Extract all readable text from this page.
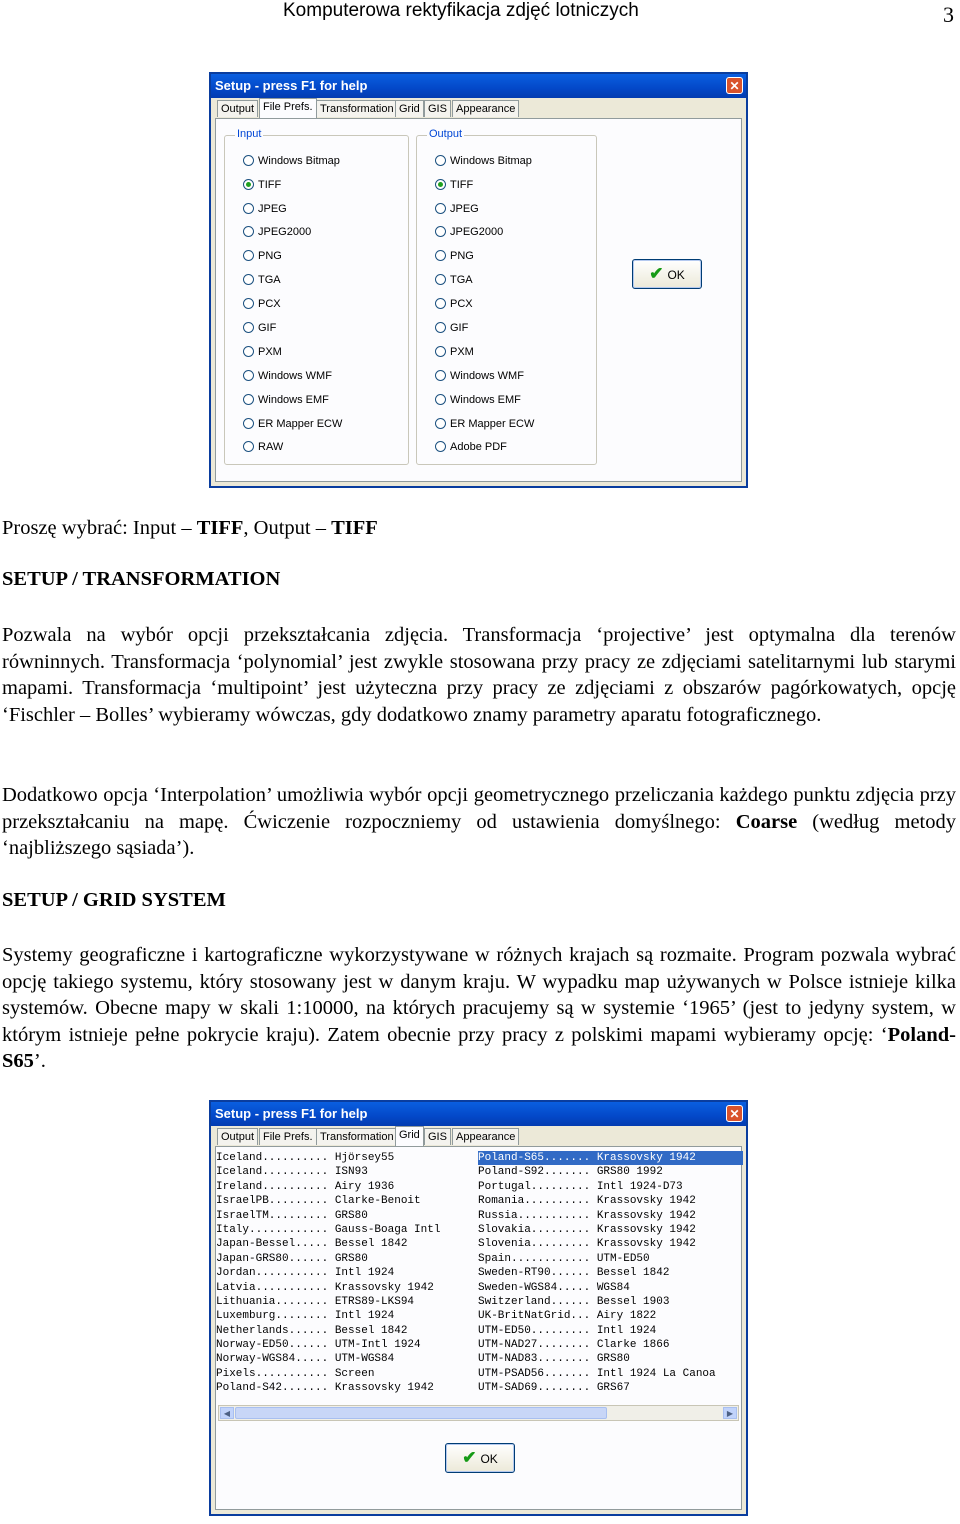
Komputerowa rektyfikacja zdjęć lotniczych	3
Setup - press F1 for help	✕
Output File Prefs. Transformation Grid GIS Appearance
Input
Windows Bitmap
TIFF
JPEG
JPEG2000
PNG
TGA
PCX
GIF
PXM
Windows WMF
Windows EMF
ER Mapper ECW
RAW
Output
Windows Bitmap
TIFF
JPEG
JPEG2000
PNG
TGA
PCX
GIF
PXM
Windows WMF
Windows EMF
ER Mapper ECW
Adobe PDF
✔ OK
Proszę wybrać: Input – TIFF, Output – TIFF
SETUP / TRANSFORMATION
Pozwala na wybór opcji przekształcania zdjęcia. Transformacja ‘projective’ jest optymalna dla terenów równinnych. Transformacja ‘polynomial’ jest zwykle stosowana przy pracy ze zdjęciami satelitarnymi lub starymi mapami. Transformacja ‘multipoint’ jest użyteczna przy pracy ze zdjęciami z obszarów pagórkowatych, opcję ‘Fischler – Bolles’ wybieramy wówczas, gdy dodatkowo znamy parametry aparatu fotograficznego.
Dodatkowo opcja ‘Interpolation’ umożliwia wybór opcji geometrycznego przeliczania każdego punktu zdjęcia przy przekształcaniu na mapę. Ćwiczenie rozpoczniemy od ustawienia domyślnego: Coarse (według metody ‘najbliższego sąsiada’).
SETUP / GRID SYSTEM
Systemy geograficzne i kartograficzne wykorzystywane w różnych krajach są rozmaite. Program pozwala wybrać opcję takiego systemu, który stosowany jest w danym kraju. W wypadku map używanych w Polsce istnieje kilka systemów. Obecne mapy w skali 1:10000, na których pracujemy są w systemie ‘1965’ (jest to jedyny system, w którym istnieje pełne pokrycie kraju). Zatem obecnie przy pracy z polskimi mapami wybieramy opcję: ‘Poland-S65’.
Setup - press F1 for help	✕
Output File Prefs. Transformation Grid GIS Appearance
Iceland.......... Hjörsey55
Iceland.......... ISN93
Ireland.......... Airy 1936
IsraelPB......... Clarke-Benoit
IsraelTM......... GRS80
Italy............ Gauss-Boaga Intl
Japan-Bessel..... Bessel 1842
Japan-GRS80...... GRS80
Jordan........... Intl 1924
Latvia........... Krassovsky 1942
Lithuania........ ETRS89-LKS94
Luxemburg........ Intl 1924
Netherlands...... Bessel 1842
Norway-ED50...... UTM-Intl 1924
Norway-WGS84..... UTM-WGS84
Pixels........... Screen
Poland-S42....... Krassovsky 1942
Poland-S65....... Krassovsky 1942
Poland-S92....... GRS80 1992
Portugal......... Intl 1924-D73
Romania.......... Krassovsky 1942
Russia........... Krassovsky 1942
Slovakia......... Krassovsky 1942
Slovenia......... Krassovsky 1942
Spain............ UTM-ED50
Sweden-RT90...... Bessel 1842
Sweden-WGS84..... WGS84
Switzerland...... Bessel 1903
UK-BritNatGrid... Airy 1822
UTM-ED50......... Intl 1924
UTM-NAD27........ Clarke 1866
UTM-NAD83........ GRS80
UTM-PSAD56....... Intl 1924 La Canoa
UTM-SAD69........ GRS67
◀	▶
✔ OK
